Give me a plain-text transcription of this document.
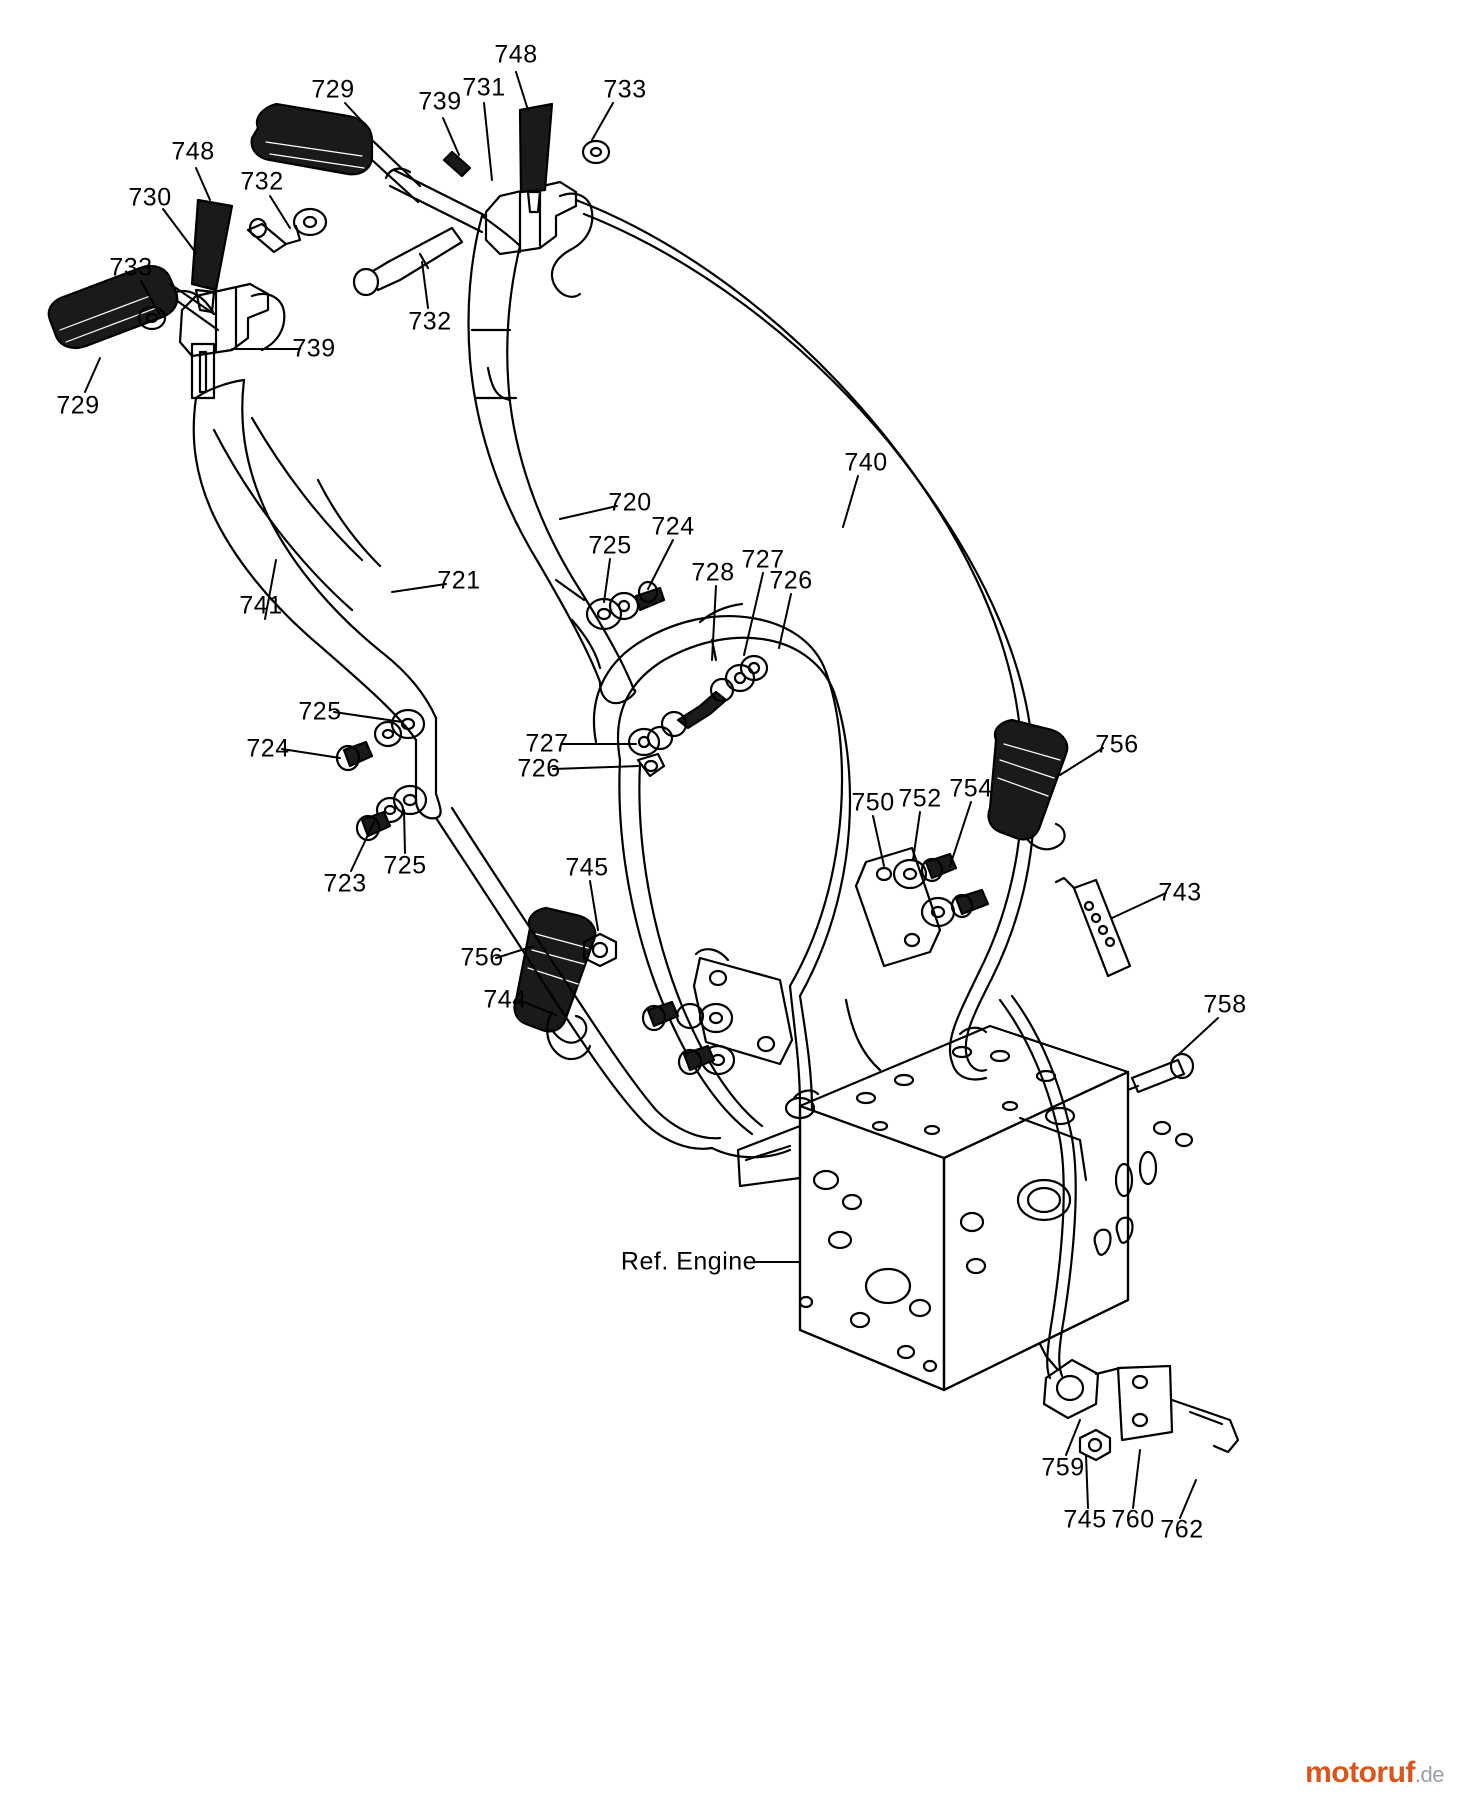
748
729	739 731	733
748
732
730
733
732
739
729
740
720
725
724
728 727
726
721
741
725
724	727
726
756
750 752 754
725
723
745
743
756
744	758
Ref. Engine
759
745 760 762
motoruf.de
